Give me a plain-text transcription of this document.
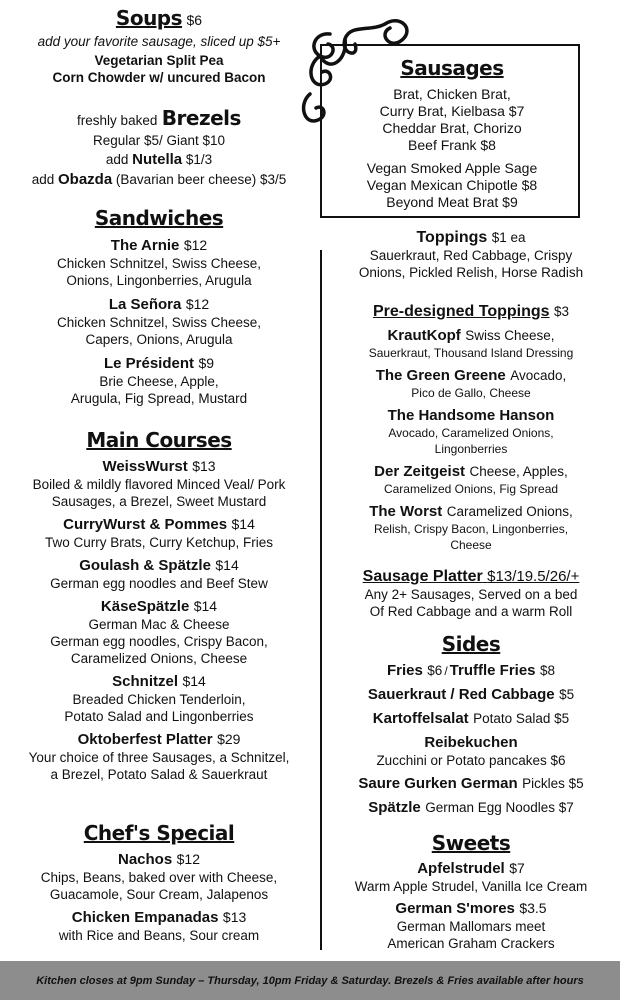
Soups $6
add your favorite sausage, sliced up $5+
Vegetarian Split Pea
Corn Chowder w/ uncured Bacon
freshly baked Brezels
Regular $5/ Giant $10
add Nutella $1/3
add Obazda (Bavarian beer cheese) $3/5
Sandwiches
The Arnie $12
Chicken Schnitzel, Swiss Cheese,
Onions, Lingonberries, Arugula
La Señora $12
Chicken Schnitzel, Swiss Cheese,
Capers, Onions, Arugula
Le Président $9
Brie Cheese, Apple,
Arugula, Fig Spread, Mustard
Main Courses
WeissWurst $13
Boiled & mildly flavored Minced Veal/ Pork
Sausages, a Brezel, Sweet Mustard
CurryWurst & Pommes $14
Two Curry Brats, Curry Ketchup, Fries
Goulash & Spätzle $14
German egg noodles and Beef Stew
KäseSpätzle $14
German Mac & Cheese
German egg noodles, Crispy Bacon,
Caramelized Onions, Cheese
Schnitzel $14
Breaded Chicken Tenderloin,
Potato Salad and Lingonberries
Oktoberfest Platter $29
Your choice of three Sausages, a Schnitzel,
a Brezel, Potato Salad & Sauerkraut
Chef's Special
Nachos $12
Chips, Beans, baked over with Cheese,
Guacamole, Sour Cream, Jalapenos
Chicken Empanadas $13
with Rice and Beans, Sour cream
Sausages
Brat, Chicken Brat,
Curry Brat, Kielbasa $7
Cheddar Brat, Chorizo
Beef Frank $8
Vegan Smoked Apple Sage
Vegan Mexican Chipotle $8
Beyond Meat Brat $9
Toppings $1 ea
Sauerkraut, Red Cabbage, Crispy
Onions, Pickled Relish, Horse Radish
Pre-designed Toppings $3
KrautKopf Swiss Cheese,
Sauerkraut, Thousand Island Dressing
The Green Greene Avocado,
Pico de Gallo, Cheese
The Handsome Hanson
Avocado, Caramelized Onions,
Lingonberries
Der Zeitgeist Cheese, Apples,
Caramelized Onions, Fig Spread
The Worst Caramelized Onions,
Relish, Crispy Bacon, Lingonberries,
Cheese
Sausage Platter $13/19.5/26/+
Any 2+ Sausages, Served on a bed
Of Red Cabbage and a warm Roll
Sides
Fries $6 / Truffle Fries $8
Sauerkraut / Red Cabbage $5
Kartoffelsalat Potato Salad $5
Reibekuchen
Zucchini or Potato pancakes $6
Saure Gurken German Pickles $5
Spätzle German Egg Noodles $7
Sweets
Apfelstrudel $7
Warm Apple Strudel, Vanilla Ice Cream
German S'mores $3.5
German Mallomars meet
American Graham Crackers
Kitchen closes at 9pm Sunday – Thursday, 10pm Friday & Saturday. Brezels & Fries available after hours
